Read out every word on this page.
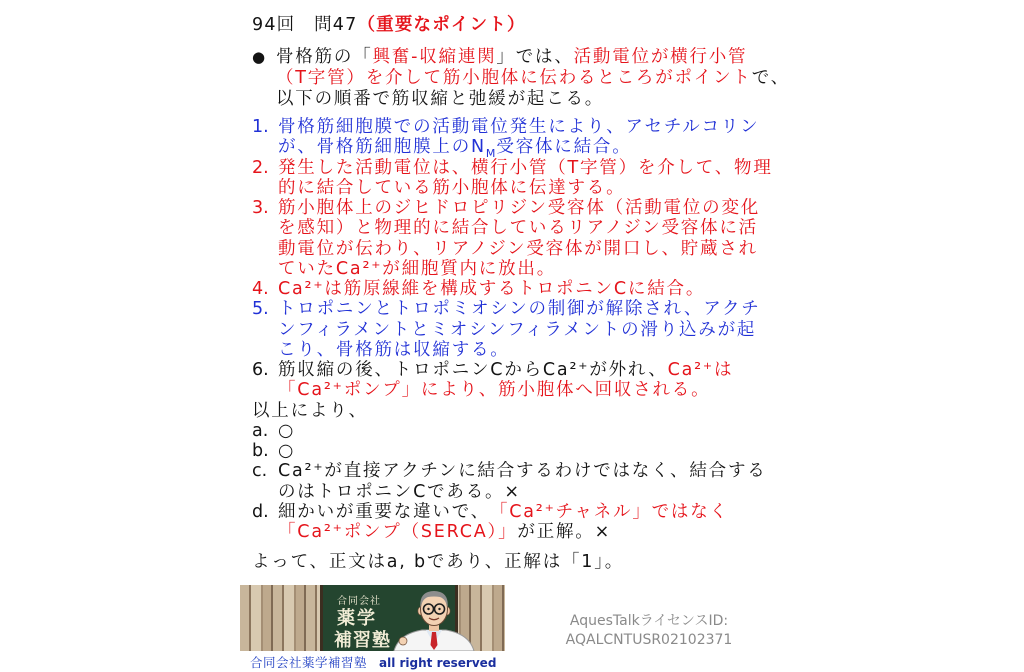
94回　問47（重要なポイント）
● 骨格筋の「 興奮-収縮連関 」では、 活動電位が横行小管
（T字管）を介して筋小胞体に伝わるところがポイント で、
以下の順番で筋収縮と弛緩が起こる。
1. 骨格筋細胞膜での活動電位発生により、アセチルコリン
が、骨格筋細胞膜上の N M 受容体に結合。
2. 発生した活動電位は、横行小管（T字管）を介して、物理
的に結合している筋小胞体に伝達する。
3. 筋小胞体上のジヒドロピリジン受容体（活動電位の変化
を感知）と物理的に結合しているリアノジン受容体に活
動電位が伝わり、リアノジン受容体が開口し、貯蔵され
ていたCa²⁺が細胞質内に放出。
4. Ca²⁺は筋原線維を構成するトロポニンCに結合。
5. トロポニンとトロポミオシンの制御が解除され、アクチ
ンフィラメントとミオシンフィラメントの滑り込みが起
こり、骨格筋は収縮する。
6. 筋収縮の後、トロポニンCからCa²⁺が外れ、 Ca²⁺は
「Ca²⁺ポンプ」により、筋小胞体へ回収される。
以上により、
a. ○
b. ○
c. Ca²⁺が直接アクチンに結合するわけではなく、結合する
のはトロポニンCである。×
d. 細かいが重要な違いで、 「Ca²⁺チャネル」ではなく
「Ca²⁺ポンプ（SERCA）」 が正解。×
よって、正文はa, bであり、正解は「1」。
合同会社
薬学
補習塾
合同会社薬学補習塾 all right reserved
AquesTalkライセンスID:
AQALCNTUSR02102371
